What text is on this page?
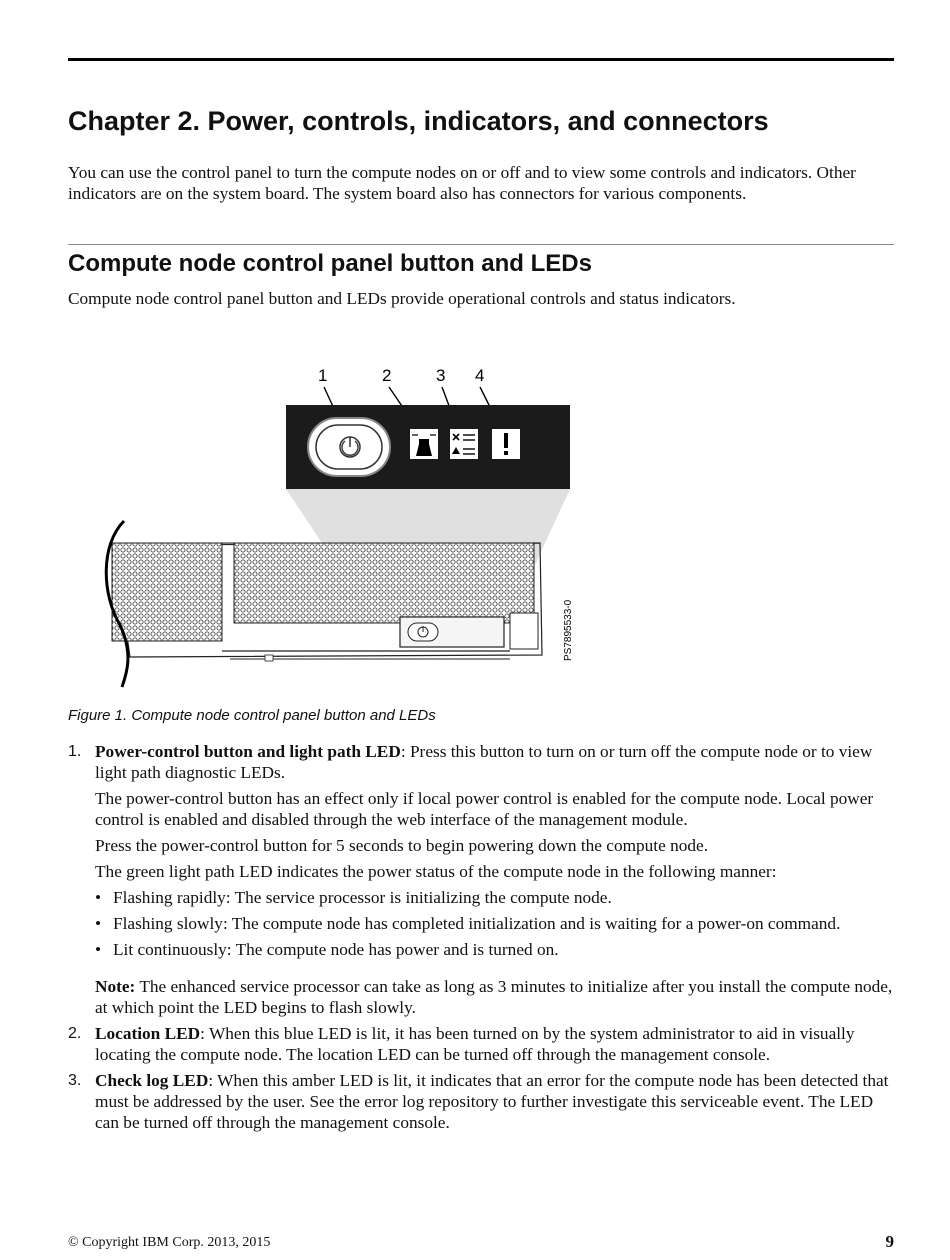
Chapter 2. Power, controls, indicators, and connectors

You can use the control panel to turn the compute nodes on or off and to view some controls and indicators. Other indicators are on the system board. The system board also has connectors for various components.

Compute node control panel button and LEDs

Compute node control panel button and LEDs provide operational controls and status indicators.

1	2	3 4
PS7895533-0

Figure 1. Compute node control panel button and LEDs

1. Power-control button and light path LED: Press this button to turn on or turn off the compute node or to view light path diagnostic LEDs.

The power-control button has an effect only if local power control is enabled for the compute node. Local power control is enabled and disabled through the web interface of the management module.

Press the power-control button for 5 seconds to begin powering down the compute node.

The green light path LED indicates the power status of the compute node in the following manner:

• Flashing rapidly: The service processor is initializing the compute node.
• Flashing slowly: The compute node has completed initialization and is waiting for a power-on command.
• Lit continuously: The compute node has power and is turned on.

Note: The enhanced service processor can take as long as 3 minutes to initialize after you install the compute node, at which point the LED begins to flash slowly.

2. Location LED: When this blue LED is lit, it has been turned on by the system administrator to aid in visually locating the compute node. The location LED can be turned off through the management console.

3. Check log LED: When this amber LED is lit, it indicates that an error for the compute node has been detected that must be addressed by the user. See the error log repository to further investigate this serviceable event. The LED can be turned off through the management console.

© Copyright IBM Corp. 2013, 2015	9
